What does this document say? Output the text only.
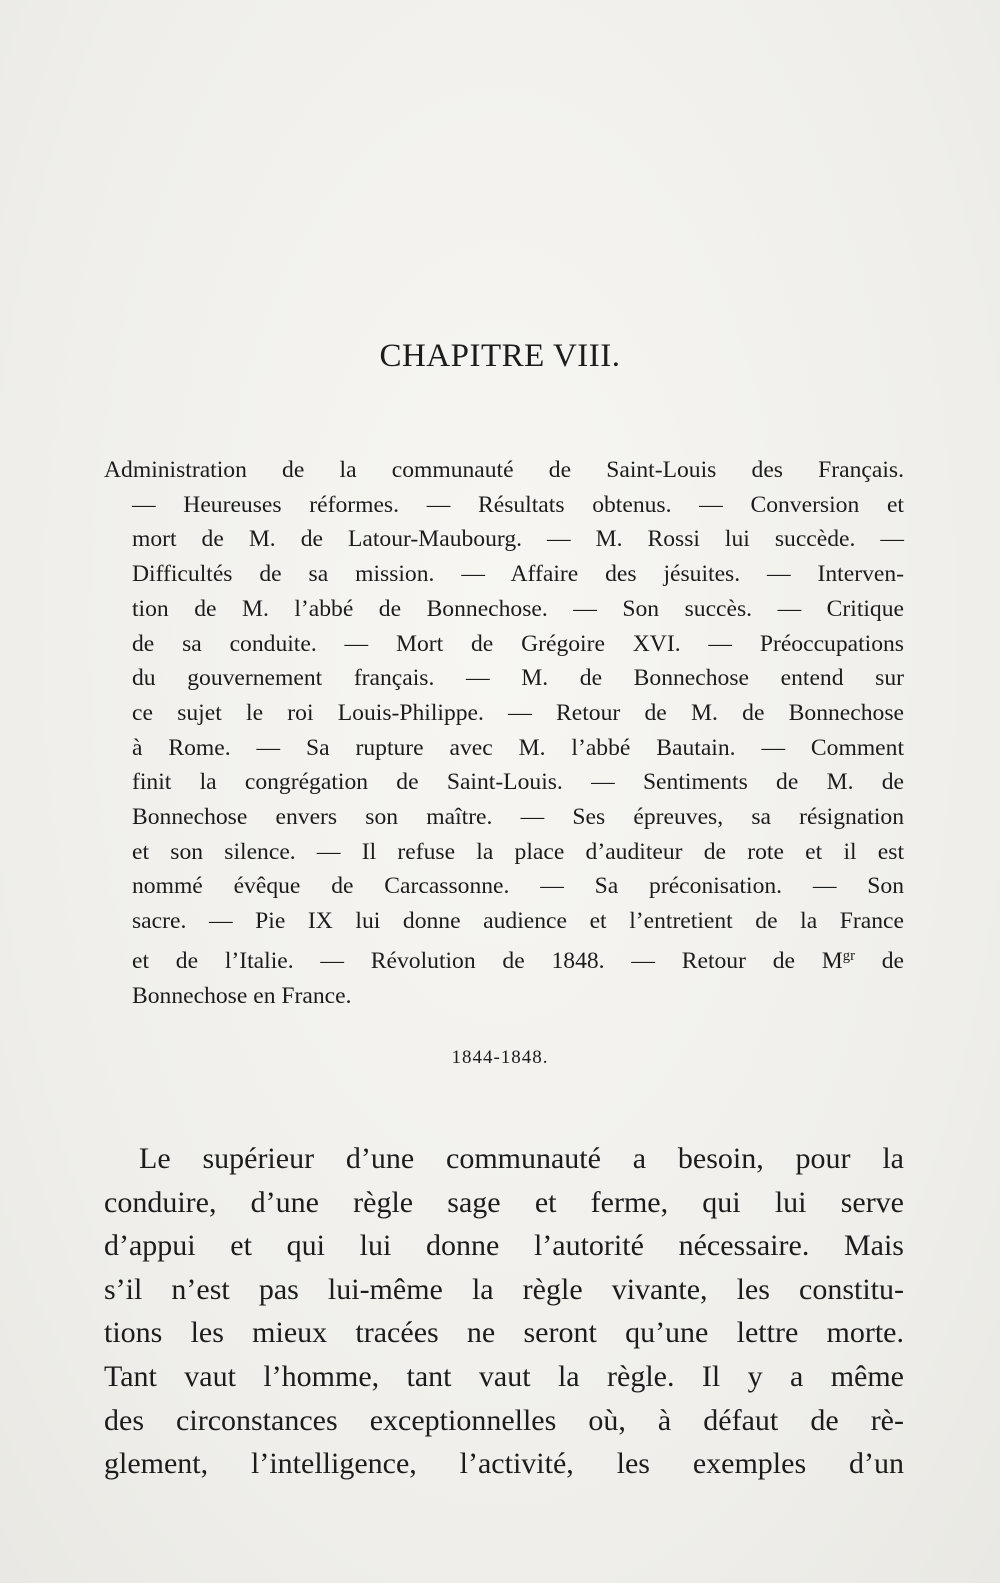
CHAPITRE VIII.
Administration de la communauté de Saint-Louis des Français.
— Heureuses réformes. — Résultats obtenus. — Conversion et
mort de M. de Latour-Maubourg. — M. Rossi lui succède. —
Difficultés de sa mission. — Affaire des jésuites. — Interven-
tion de M. l’abbé de Bonnechose. — Son succès. — Critique
de sa conduite. — Mort de Grégoire XVI. — Préoccupations
du gouvernement français. — M. de Bonnechose entend sur
ce sujet le roi Louis-Philippe. — Retour de M. de Bonnechose
à Rome. — Sa rupture avec M. l’abbé Bautain. — Comment
finit la congrégation de Saint-Louis. — Sentiments de M. de
Bonnechose envers son maître. — Ses épreuves, sa résignation
et son silence. — Il refuse la place d’auditeur de rote et il est
nommé évêque de Carcassonne. — Sa préconisation. — Son
sacre. — Pie IX lui donne audience et l’entretient de la France
et de l’Italie. — Révolution de 1848. — Retour de $M^{gr}$ de
Bonnechose en France.
1844-1848.
Le supérieur d’une communauté a besoin, pour la
conduire, d’une règle sage et ferme, qui lui serve
d’appui et qui lui donne l’autorité nécessaire. Mais
s’il n’est pas lui-même la règle vivante, les constitu-
tions les mieux tracées ne seront qu’une lettre morte.
Tant vaut l’homme, tant vaut la règle. Il y a même
des circonstances exceptionnelles où, à défaut de rè-
glement, l’intelligence, l’activité, les exemples d’un
